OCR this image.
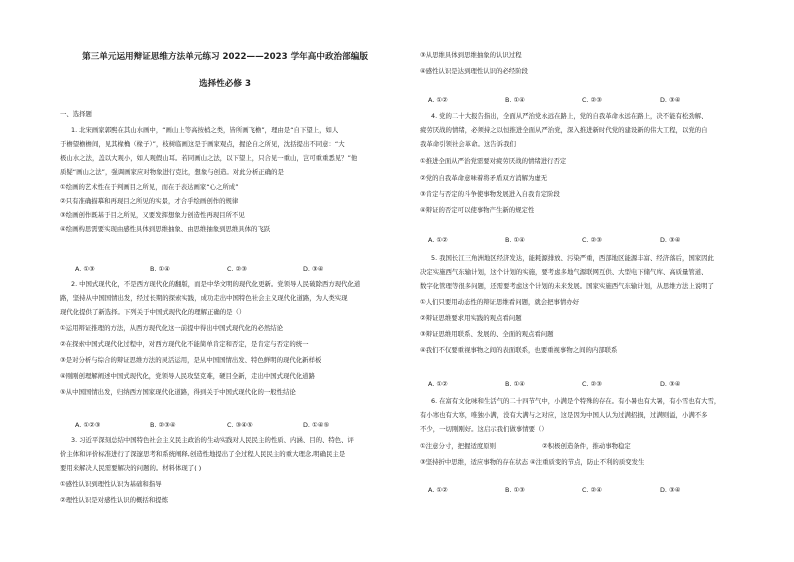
第三单元运用辩证思维方法单元练习 2022——2023 学年高中政治部编版
选择性必修 3
一、选择题
1. 北宋画家郭熙在其山水画中，“画山上等高按梢之类，皆所画飞檐”，理由是“自下望上，如人
于檐望檐檐间，见其椽桷（椽子）”，枝树临画这是于画家观点，握论自之所见，沈括提出不同意：“大
极山水之法，盖以大观小，如人观假山耳。若同画山之法，以下望上，只合见一重山，岂可重重悉见？”他
质疑“画山之法”，强调画家应对物象进行克比，想象与创造。对此分析正确的是
①绘画的艺术性在于判画目之所见，而在于表达画家“心之所成”
②只有准确描摹和再现目之所见的实景，才合乎绘画创作的规律
③绘画创作既基于目之所见，又要发挥想象力创造性再现目所不见
④绘画构思需要实现由感性具体到思维抽象、由思维抽象到思维具体的飞跃
A. ①③	B. ①④	C. ②③	D. ③④
2. 中国式现代化，不是西方现代化的翻版，而是中华文明的现代化更新。党领导人民破除西方现代化道
路，坚持从中国国情出发，经过长期的探索实践，成功走出中国特色社会主义现代化道路，为人类实现
现代化提供了新选择。下列关于中国式现代化的理解正确的是（）
①运用辩证推理的方法，从西方现代化这一前提中得出中国式现代化的必然结论
②在探索中国式现代化过程中，对西方现代化不能简单肯定和否定，是肯定与否定的统一
③是对分析与综合的辩证思维方法的灵活运用，是从中国国情出发、特色鲜明的现代化新样板
④刚刚创理解阐述中国式现代化，党领导人民攻坚克难，硬目全新，走出中国式现代化道路
⑤从中国国情出发，归纳西方国家现代化道路，得到关于中国式现代化的一般性结论
A. ①②③	B. ②③④	C. ③④⑤	D. ①④⑤
3. 习近平深刻总结中国特色社会主义民主政治的生动实践对人民民主的性质、内涵、目的、特色、评
价主体和评价标准进行了深邃思考和系统阐释,创造性地提出了全过程人民民主的重大理念,明确民主是
要用来解决人民需要解决的问题的。材料体现了( )
①感性认识到理性认识为基础和指导
②理性认识是对感性认识的概括和提炼
③从思维具体到思维抽象的认识过程
④感性认识是达到理性认识的必经阶段
A. ①②	B. ①④	C. ②③	D. ③④
4. 党的二十大报告指出，全面从严治党永远在路上，党的自我革命永远在路上，决不能有松劲解、
疲劳厌战的情绪，必须持之以恒推进全面从严治党，深入推进新时代党的建设新的伟大工程，以党的自
我革命引领社会革命。这告诉我们
①推进全面从严治党需要对疲劳厌战的情绪进行否定
②党的自我革命意味着将矛盾双方消解为虚无
③肯定与否定的斗争使事物发展进入自我肯定阶段
④辩证的否定可以使事物产生新的规定性
A. ①②	B. ①④	C. ②③	D. ③④
5. 我国长江三角洲地区经济发达，能耗源排放、污染严重，西部地区能源丰富、经济落后，国家因此
决定实施西气东输计划，这个计划的实施，要考虑多地气源联网互供、大型电下储气库、高质量管道、
数字化管理等很多问题，还需要考虑这个计划的未来发展。国家实施西气东输计划，从思维方法上说明了
①人们只要用动态性的辩证思维看问题，就会把事情办好
②辩证思维要求用实践的观点看问题
③辩证思维用联系、发展的、全面的观点看问题
④我们不仅要重视事物之间的表面联系，也要重视事物之间的内部联系
A. ①②	B. ①④	C. ②③	D. ③④
6. 在富有文化味和生活气的二十四节气中，小满是个特殊的存在。有小暑也有大暑，有小雪也有大雪，
有小寒也有大寒，唯独小满，没有大满与之对应，这是因为中国人认为过满招损，过满则溢，小满不多
不少，一切刚刚好。这启示我们做事情要（）
①注意分寸，把握适度原则	②积极创造条件，推动事物稳定
③坚持折中思维，适应事物的存在状态 ④注重质变的节点，防止不利的质变发生
A. ①②	B. ①③	C. ②④	D. ③④
